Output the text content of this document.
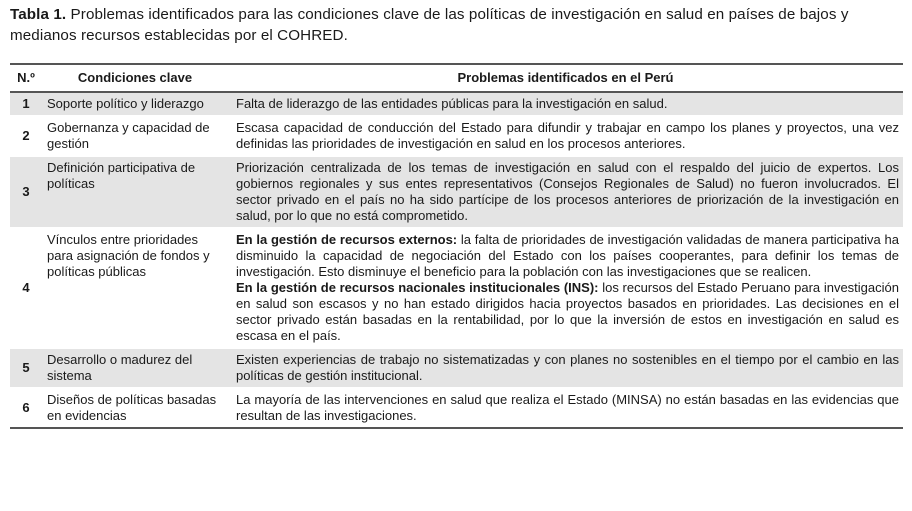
Tabla 1. Problemas identificados para las condiciones clave de las políticas de investigación en salud en países de bajos y medianos recursos establecidas por el COHRED.
N.º	Condiciones clave	Problemas identificados en el Perú
1	Soporte político y liderazgo	Falta de liderazgo de las entidades públicas para la investigación en salud.
2	Gobernanza y capacidad de gestión	Escasa capacidad de conducción del Estado para difundir y trabajar en campo los planes y proyectos, una vez definidas las prioridades de investigación en salud en los procesos anteriores.
3	Definición participativa de políticas	Priorización centralizada de los temas de investigación en salud con el respaldo del juicio de expertos. Los gobiernos regionales y sus entes representativos (Consejos Regionales de Salud) no fueron involucrados. El sector privado en el país no ha sido partícipe de los procesos anteriores de priorización de la investigación en salud, por lo que no está comprometido.
4	Vínculos entre prioridades para asignación de fondos y políticas públicas	En la gestión de recursos externos: la falta de prioridades de investigación validadas de manera participativa ha disminuido la capacidad de negociación del Estado con los países cooperantes, para definir los temas de investigación. Esto disminuye el beneficio para la población con las investigaciones que se realicen.
En la gestión de recursos nacionales institucionales (INS): los recursos del Estado Peruano para investigación en salud son escasos y no han estado dirigidos hacia proyectos basados en prioridades. Las decisiones en el sector privado están basadas en la rentabilidad, por lo que la inversión de estos en investigación en salud es escasa en el país.

5	Desarrollo o madurez del sistema	Existen experiencias de trabajo no sistematizadas y con planes no sostenibles en el tiempo por el cambio en las políticas de gestión institucional.
6	Diseños de políticas basadas en evidencias	La mayoría de las intervenciones en salud que realiza el Estado (MINSA) no están basadas en las evidencias que resultan de las investigaciones.
